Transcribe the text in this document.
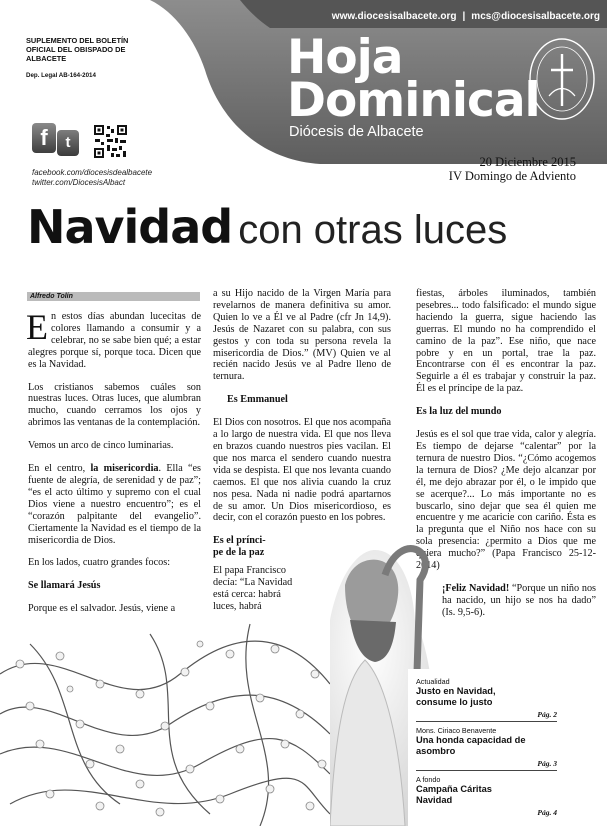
www.diocesisalbacete.org | mcs@diocesisalbacete.org
SUPLEMENTO DEL BOLETÍN OFICIAL DEL OBISPADO DE ALBACETE
Dep. Legal AB-164-2014
f	t
facebook.com/diocesisdealbacete
twitter.com/DiocesisAlbact
Hoja
Dominical
Diócesis de Albacete
20 Diciembre 2015
IV Domingo de Adviento
Navidad con otras luces
Alfredo Tolín

En estos días abundan lucecitas de colores llamando a consumir y a celebrar, no se sabe bien qué; a estar alegres porque sí, porque toca. Dicen que es la Navidad.

Los cristianos sabemos cuáles son nuestras luces. Otras luces, que alumbran mucho, cuando cerramos los ojos y abrimos las ventanas de la contemplación.

Vemos un arco de cinco luminarias.

En el centro, la misericordia. Ella “es fuente de alegría, de serenidad y de paz”; “es el acto último y supremo con el cual Dios viene a nuestro encuentro”; es el “corazón palpitante del evangelio”. Ciertamente la Navidad es el tiempo de la misericordia de Dios.

En los lados, cuatro grandes focos:

Se llamará Jesús

Porque es el salvador. Jesús, viene a

a su Hijo nacido de la Virgen María para revelarnos de manera definitiva su amor. Quien lo ve a Él ve al Padre (cfr Jn 14,9). Jesús de Nazaret con su palabra, con sus gestos y con toda su persona revela la misericordia de Dios.” (MV) Quien ve al recién nacido Jesús ve al Padre lleno de ternura.

Es Emmanuel

El Dios con nosotros. El que nos acompaña a lo largo de nuestra vida. El que nos lleva en brazos cuando nuestros pies vacilan. El que nos marca el sendero cuando nuestra vida se despista. El que nos levanta cuando caemos. El que nos alivia cuando la cruz nos pesa. Nada ni nadie podrá apartarnos de su amor. Un Dios misericordioso, es decir, con el corazón puesto en los pobres.

Es el prínci-
pe de la paz

El papa Francisco decía: “La Navidad está cerca: habrá luces, habrá

fiestas, árboles iluminados, también pesebres... todo falsificado: el mundo sigue haciendo la guerra, sigue haciendo las guerras. El mundo no ha comprendido el camino de la paz”. Ese niño, que nace pobre y en un portal, trae la paz. Encontrarse con él es encontrar la paz. Seguirle a él es trabajar y construir la paz. Él es el príncipe de la paz.

Es la luz del mundo

Jesús es el sol que trae vida, calor y alegría. Es tiempo de dejarse “calentar” por la ternura de nuestro Dios. “¿Cómo acogemos la ternura de Dios? ¿Me dejo alcanzar por él, me dejo abrazar por él, o le impido que se acerque?... Lo más importante no es buscarlo, sino dejar que sea él quien me encuentre y me acaricie con cariño. Ésta es la pregunta que el Niño nos hace con su sola presencia: ¿permito a Dios que me quiera mucho?” (Papa Francisco 25-12-2014)

¡Feliz Navidad! “Porque un niño nos ha nacido, un hijo se nos ha dado” (Is. 9,5-6).

Actualidad
Justo en Navidad, consume lo justo
Pág. 2
Mons. Ciriaco Benavente
Una honda capacidad de asombro
Pág. 3
A fondo
Campaña Cáritas Navidad
Pág. 4
